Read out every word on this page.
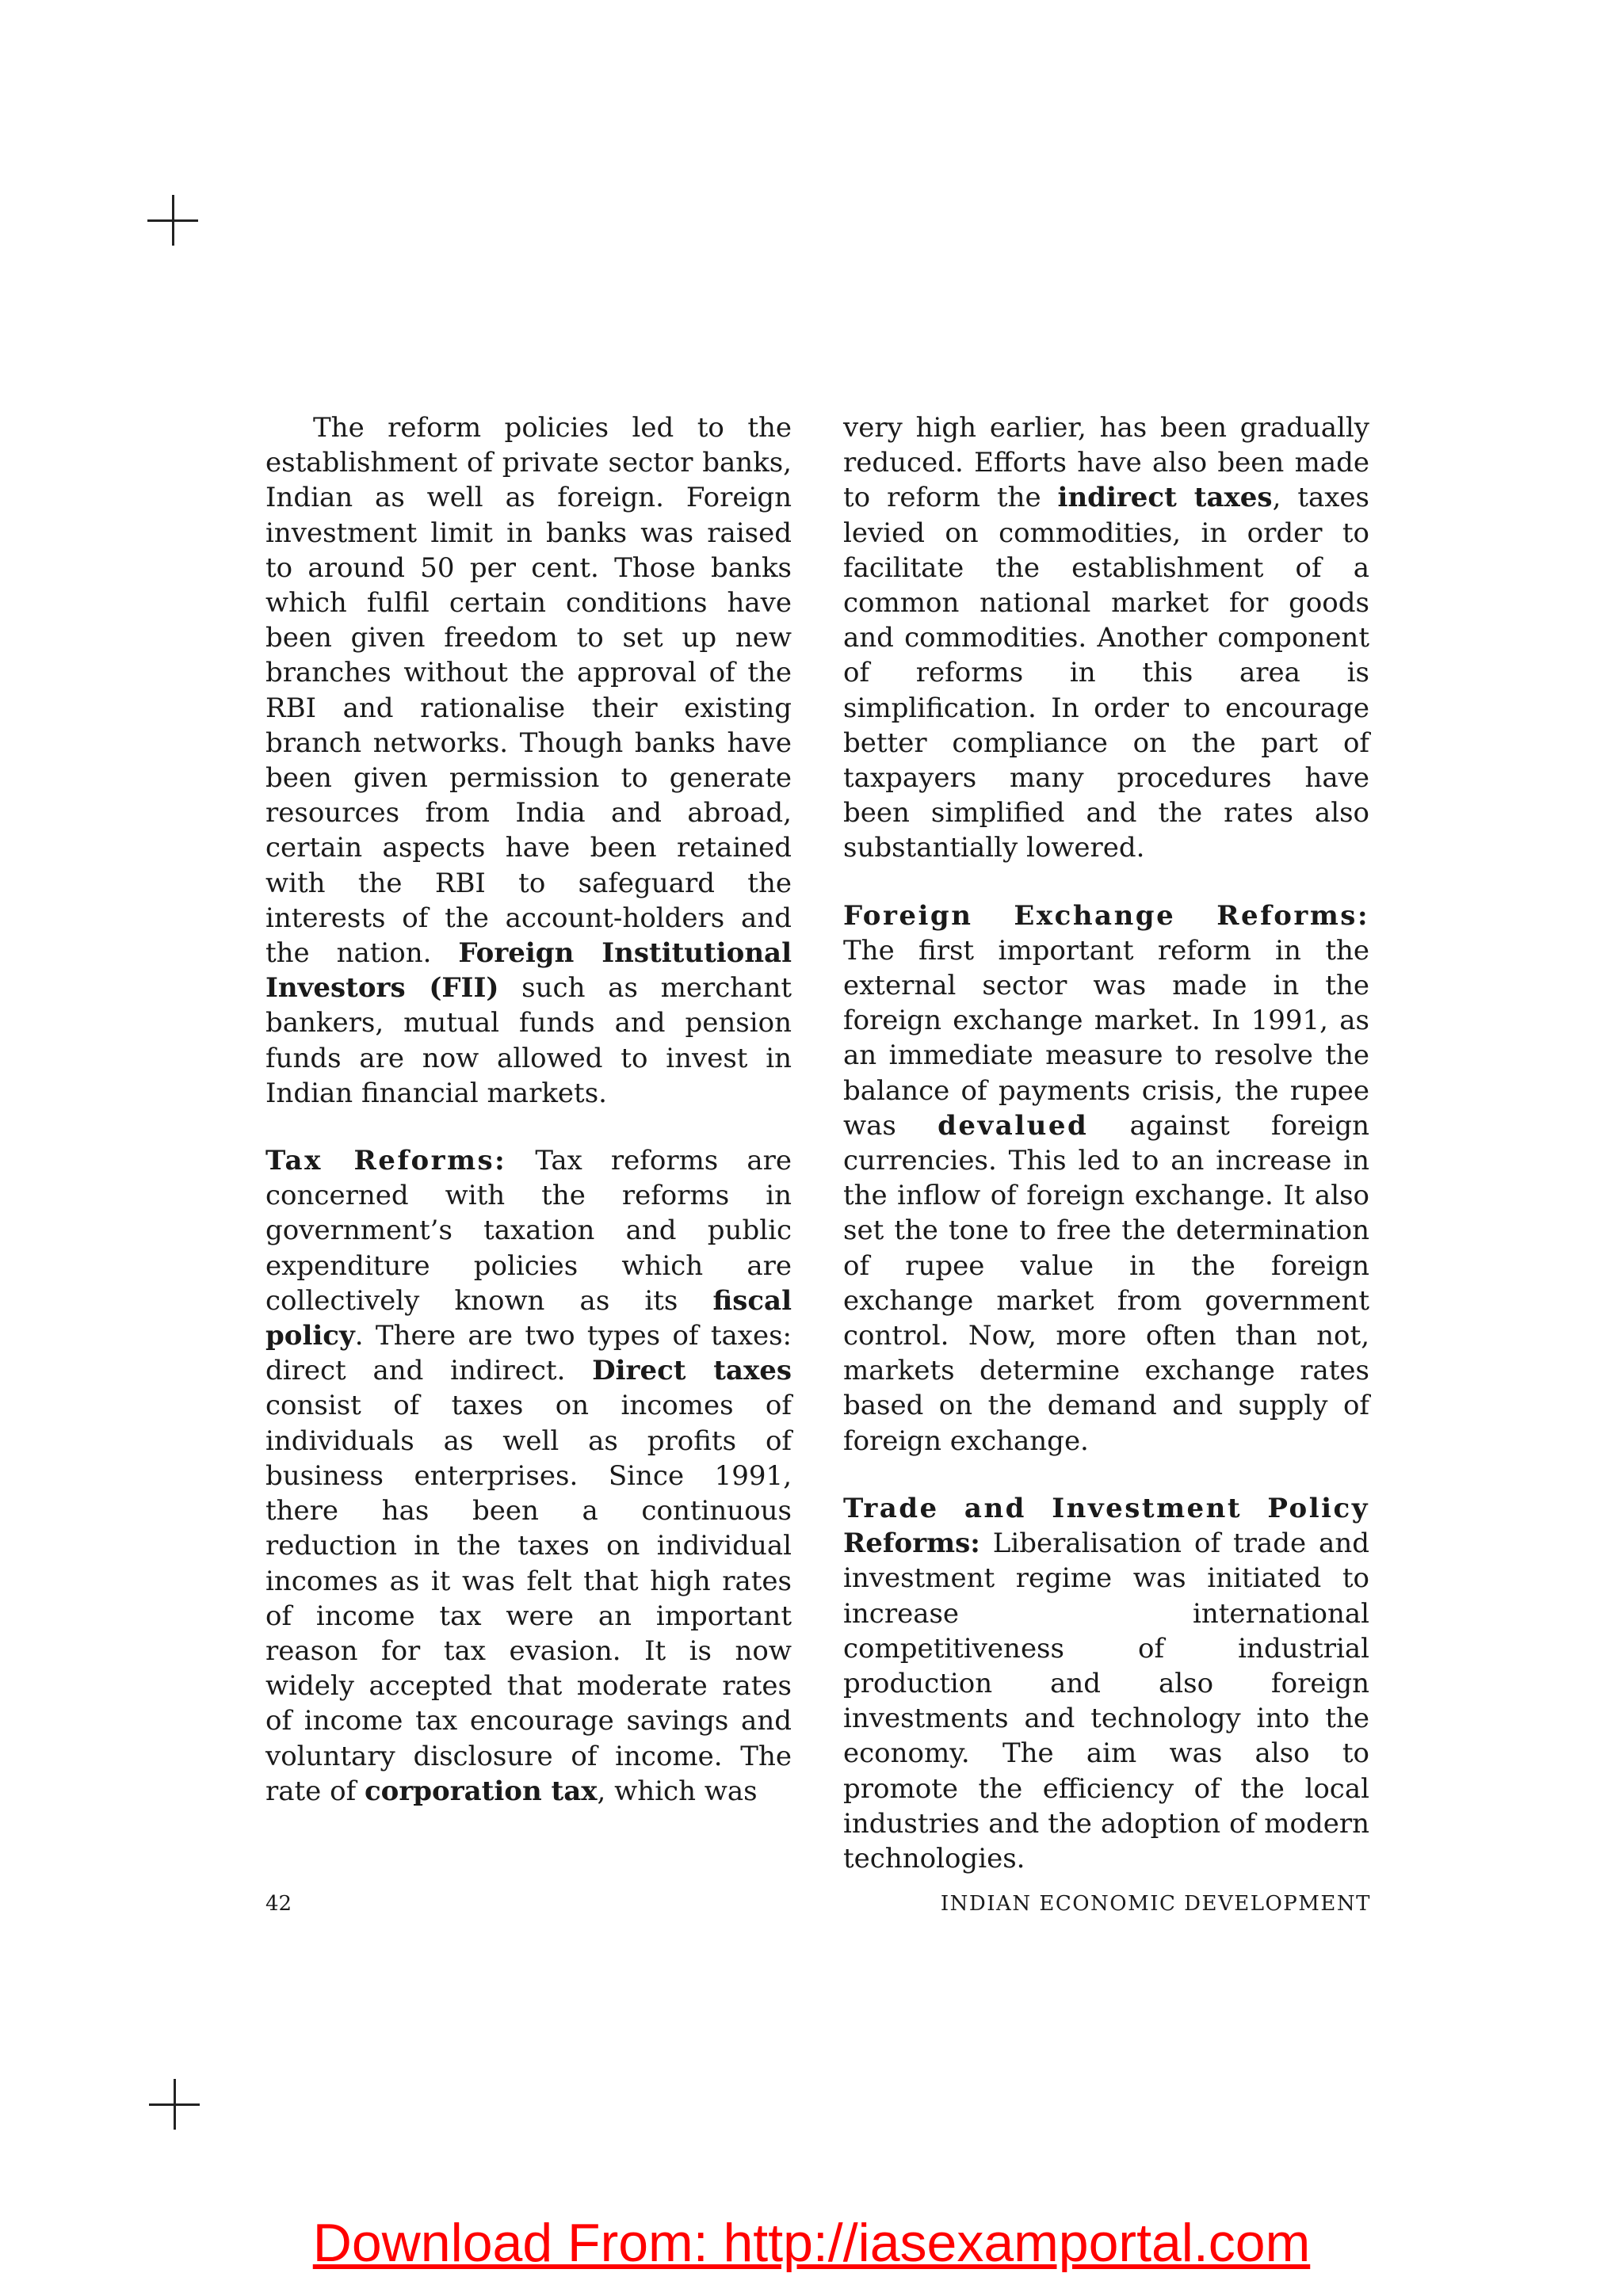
The reform policies led to the establishment of private sector banks, Indian as well as foreign. Foreign investment limit in banks was raised to around 50 per cent. Those banks which fulfil certain conditions have been given freedom to set up new branches without the approval of the RBI and rationalise their existing branch networks. Though banks have been given permission to generate resources from India and abroad, certain aspects have been retained with the RBI to safeguard the interests of the account-holders and the nation. Foreign Institutional Investors (FII) such as merchant bankers, mutual funds and pension funds are now allowed to invest in Indian financial markets.

Tax Reforms: Tax reforms are concerned with the reforms in government’s taxation and public expenditure policies which are collectively known as its fiscal policy. There are two types of taxes: direct and indirect. Direct taxes consist of taxes on incomes of individuals as well as profits of business enterprises. Since 1991, there has been a continuous reduction in the taxes on individual incomes as it was felt that high rates of income tax were an important reason for tax evasion. It is now widely accepted that moderate rates of income tax encourage savings and voluntary disclosure of income. The rate of corporation tax, which was

very high earlier, has been gradually reduced. Efforts have also been made to reform the indirect taxes, taxes levied on commodities, in order to facilitate the establishment of a common national market for goods and commodities. Another component of reforms in this area is simplification. In order to encourage better compliance on the part of taxpayers many procedures have been simplified and the rates also substantially lowered.

Foreign Exchange Reforms: The first important reform in the external sector was made in the foreign exchange market. In 1991, as an immediate measure to resolve the balance of payments crisis, the rupee was devalued against foreign currencies. This led to an increase in the inflow of foreign exchange. It also set the tone to free the determination of rupee value in the foreign exchange market from government control. Now, more often than not, markets determine exchange rates based on the demand and supply of foreign exchange.

Trade and Investment Policy
Reforms: Liberalisation of trade and investment regime was initiated to increase international competitiveness of industrial production and also foreign investments and technology into the economy. The aim was also to promote the efficiency of the local industries and the adoption of modern technologies.

42	INDIAN ECONOMIC DEVELOPMENT
Download From: http://iasexamportal.com
